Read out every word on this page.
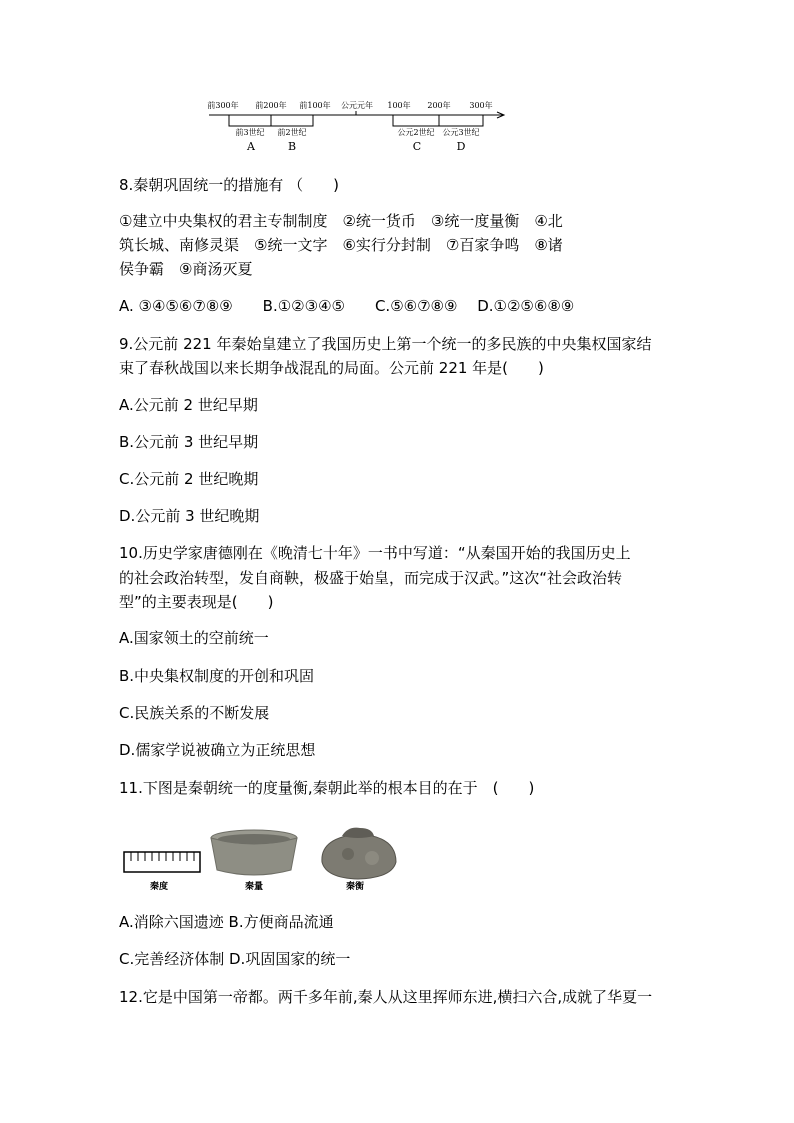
前300年 前200年 前100年 公元元年 100年 200年 300年
前3世纪 前2世纪	公元2世纪 公元3世纪
A	B	C	D
8.秦朝巩固统一的措施有 （　　)
①建立中央集权的君主专制制度　②统一货币　③统一度量衡　④北
筑长城、南修灵渠　⑤统一文字　⑥实行分封制　⑦百家争鸣　⑧诸
侯争霸　⑨商汤灭夏
A. ③④⑤⑥⑦⑧⑨　　B.①②③④⑤　　C.⑤⑥⑦⑧⑨　 D.①②⑤⑥⑧⑨
9.公元前 221 年秦始皇建立了我国历史上第一个统一的多民族的中央集权国家结
束了春秋战国以来长期争战混乱的局面。公元前 221 年是(　　)
A.公元前 2 世纪早期
B.公元前 3 世纪早期
C.公元前 2 世纪晚期
D.公元前 3 世纪晚期
10.历史学家唐德刚在《晚清七十年》一书中写道：“从秦国开始的我国历史上
的社会政治转型，发自商鞅，极盛于始皇，而完成于汉武。”这次“社会政治转
型”的主要表现是(　　)
A.国家领土的空前统一
B.中央集权制度的开创和巩固
C.民族关系的不断发展
D.儒家学说被确立为正统思想
11.下图是秦朝统一的度量衡,秦朝此举的根本目的在于　(　　)
秦度	秦量	秦衡
A.消除六国遗迹 B.方便商品流通
C.完善经济体制 D.巩固国家的统一
12.它是中国第一帝都。两千多年前,秦人从这里挥师东进,横扫六合,成就了华夏一
